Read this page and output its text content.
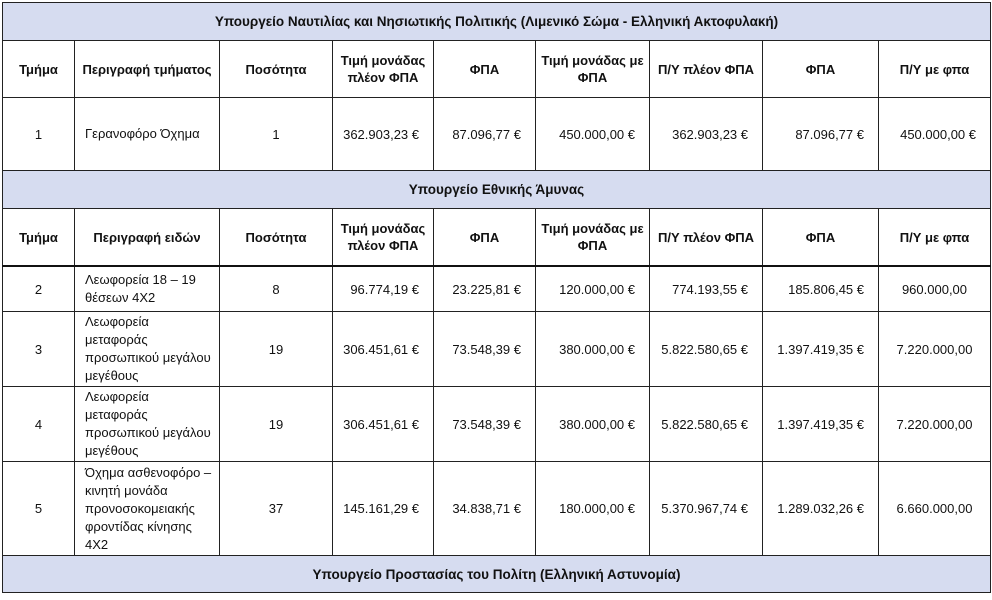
Υπουργείο Ναυτιλίας και Νησιωτικής Πολιτικής (Λιμενικό Σώμα - Ελληνική Ακτοφυλακή)								
Τμήμα	Περιγραφή τμήματος	Ποσότητα	Τιμή μονάδας πλέον ΦΠΑ	ΦΠΑ	Τιμή μονάδας με ΦΠΑ	Π/Υ πλέον ΦΠΑ	ΦΠΑ	Π/Υ με φπα
1	Γερανοφόρο Όχημα	1	362.903,23 €	87.096,77 €	450.000,00 €	362.903,23 €	87.096,77 €	450.000,00 €
Υπουργείο Εθνικής Άμυνας								
Τμήμα	Περιγραφή ειδών	Ποσότητα	Τιμή μονάδας πλέον ΦΠΑ	ΦΠΑ	Τιμή μονάδας με ΦΠΑ	Π/Υ πλέον ΦΠΑ	ΦΠΑ	Π/Υ με φπα
2	Λεωφορεία 18 – 19 θέσεων 4Χ2	8	96.774,19 €	23.225,81 €	120.000,00 €	774.193,55 €	185.806,45 €	960.000,00
3	Λεωφορεία μεταφοράς προσωπικού μεγάλου μεγέθους	19	306.451,61 €	73.548,39 €	380.000,00 €	5.822.580,65 €	1.397.419,35 €	7.220.000,00
4	Λεωφορεία μεταφοράς προσωπικού μεγάλου μεγέθους	19	306.451,61 €	73.548,39 €	380.000,00 €	5.822.580,65 €	1.397.419,35 €	7.220.000,00
5	Όχημα ασθενοφόρο – κινητή μονάδα προνοσοκομειακής φροντίδας κίνησης 4Χ2	37	145.161,29 €	34.838,71 €	180.000,00 €	5.370.967,74 €	1.289.032,26 €	6.660.000,00
Υπουργείο Προστασίας του Πολίτη (Ελληνική Αστυνομία)								
